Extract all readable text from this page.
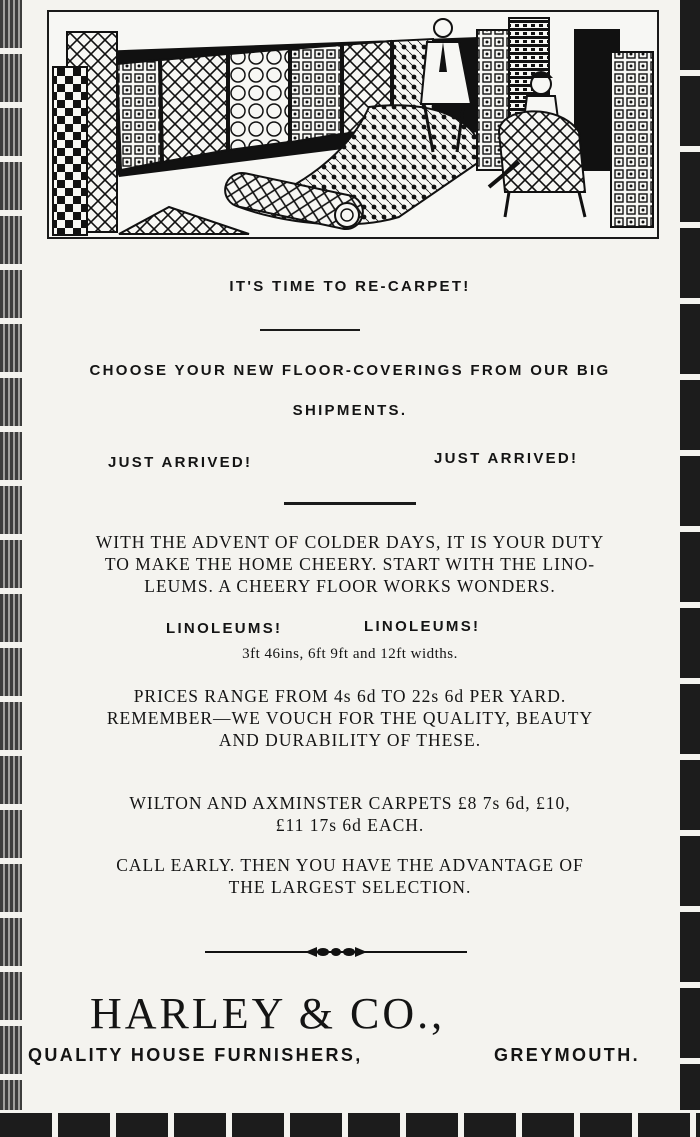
IT'S TIME TO RE-CARPET!

CHOOSE YOUR NEW FLOOR-COVERINGS FROM OUR BIG

SHIPMENTS.

JUST ARRIVED!	JUST ARRIVED!

WITH THE ADVENT OF COLDER DAYS, IT IS YOUR DUTY

TO MAKE THE HOME CHEERY. START WITH THE LINO-

LEUMS. A CHEERY FLOOR WORKS WONDERS.

LINOLEUMS!	LINOLEUMS!

3ft 46ins, 6ft 9ft and 12ft widths.

PRICES RANGE FROM 4s 6d TO 22s 6d PER YARD.

REMEMBER—WE VOUCH FOR THE QUALITY, BEAUTY

AND DURABILITY OF THESE.

WILTON AND AXMINSTER CARPETS £8 7s 6d, £10,

£11 17s 6d EACH.

CALL EARLY. THEN YOU HAVE THE ADVANTAGE OF

THE LARGEST SELECTION.

HARLEY & CO.,

QUALITY HOUSE FURNISHERS,	GREYMOUTH.
